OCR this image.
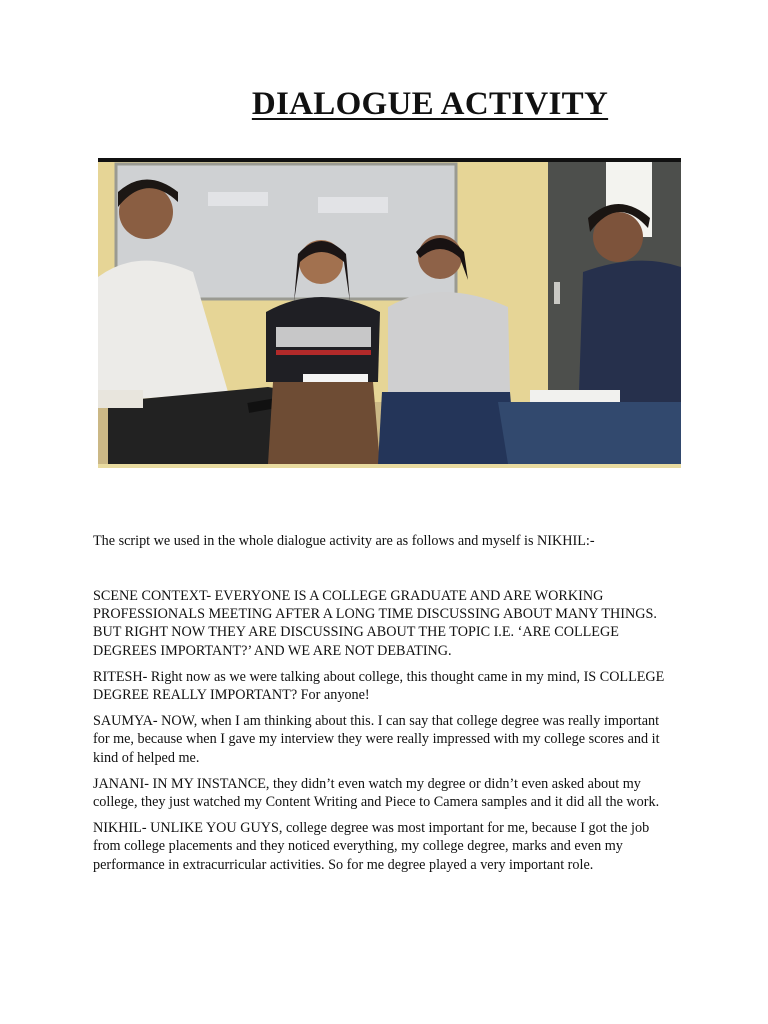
DIALOGUE ACTIVITY
The script we used in the whole dialogue activity are as follows and myself is NIKHIL:-

SCENE CONTEXT- EVERYONE IS A COLLEGE GRADUATE AND ARE WORKING PROFESSIONALS MEETING AFTER A LONG TIME DISCUSSING ABOUT MANY THINGS. BUT RIGHT NOW THEY ARE DISCUSSING ABOUT THE TOPIC I.E. ‘ARE COLLEGE DEGREES IMPORTANT?’ AND WE ARE NOT DEBATING.

RITESH- Right now as we were talking about college, this thought came in my mind, IS COLLEGE DEGREE REALLY IMPORTANT? For anyone!

SAUMYA- NOW, when I am thinking about this. I can say that college degree was really important for me, because when I gave my interview they were really impressed with my college scores and it kind of helped me.

JANANI- IN MY INSTANCE, they didn’t even watch my degree or didn’t even asked about my college, they just watched my Content Writing and Piece to Camera samples and it did all the work.

NIKHIL- UNLIKE YOU GUYS, college degree was most important for me, because I got the job from college placements and they noticed everything, my college degree, marks and even my performance in extracurricular activities. So for me degree played a very important role.
